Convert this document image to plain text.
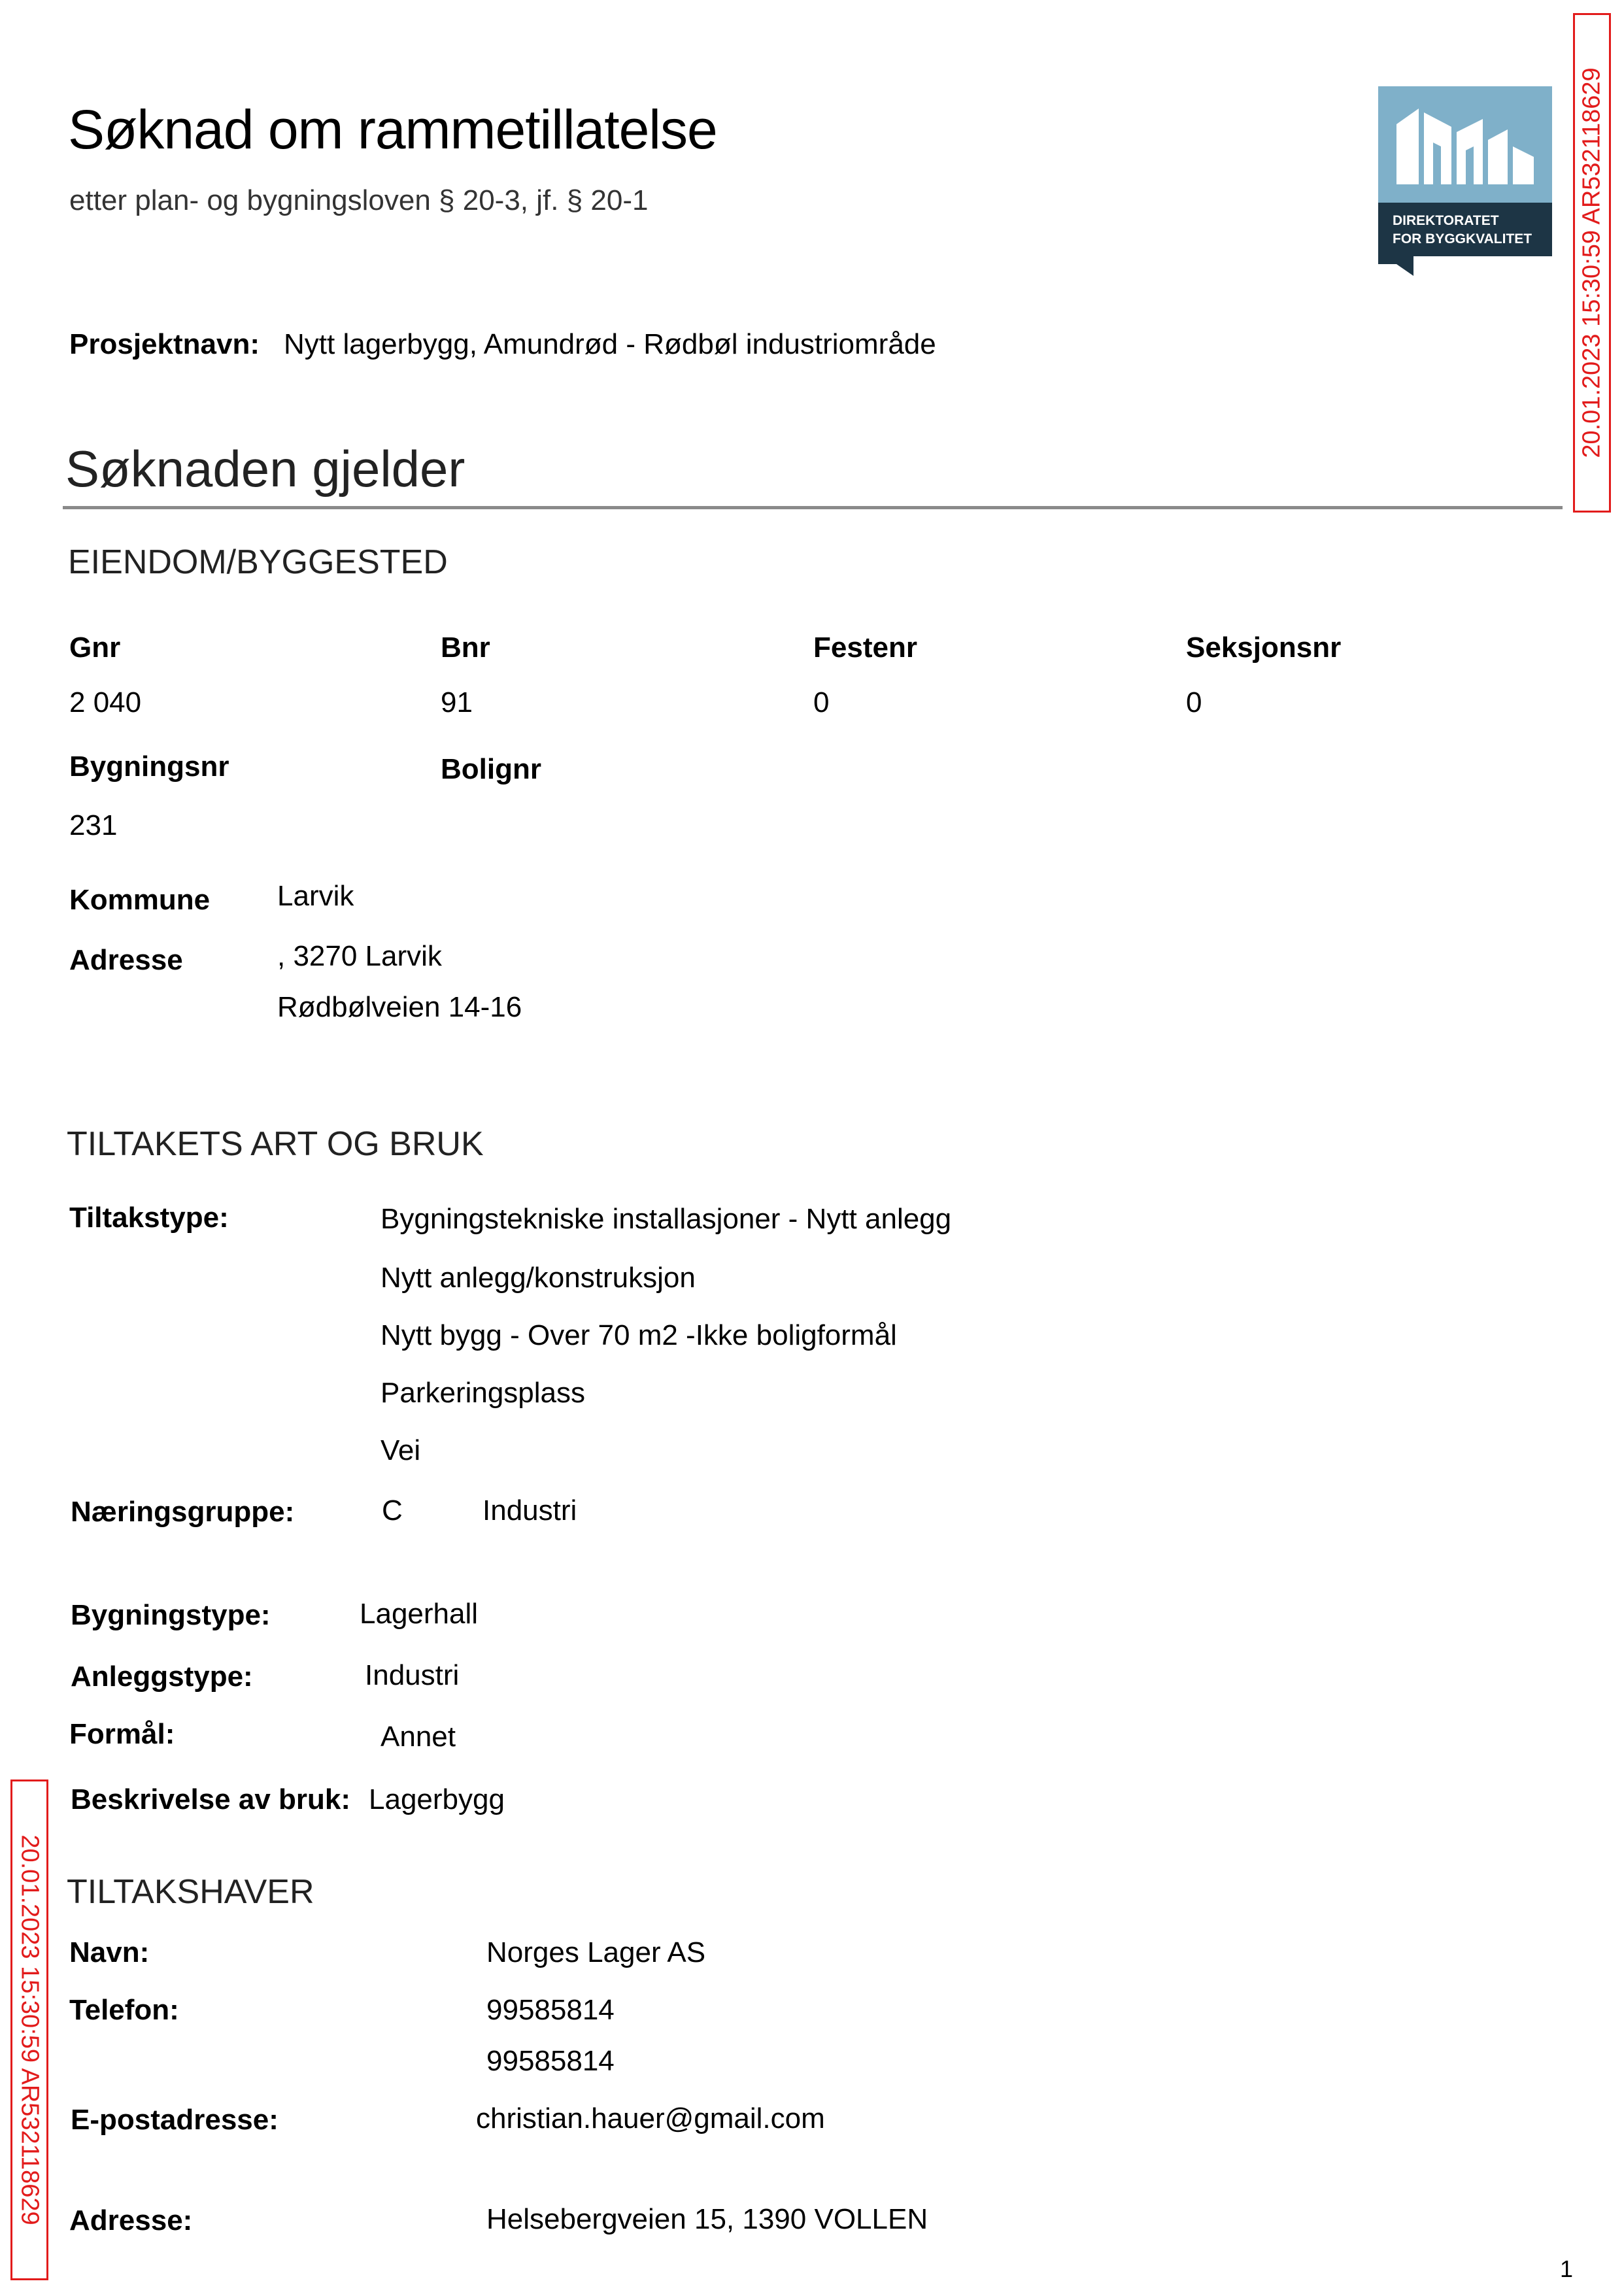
Søknad om rammetillatelse
etter plan- og bygningsloven § 20-3, jf. § 20-1
DIREKTORATET
FOR BYGGKVALITET 20.01.2023 15:30:59 AR532118629
Prosjektnavn: Nytt lagerbygg, Amundrød - Rødbøl industriområde
Søknaden gjelder
EIENDOM/BYGGESTED
Gnr	Bnr	Festenr	Seksjonsnr
2 040	91	0	0
Bygningsnr	Bolignr
231
Kommune Larvik
Adresse	, 3270 Larvik
Rødbølveien 14-16
TILTAKETS ART OG BRUK
Tiltakstype:	Bygningstekniske installasjoner - Nytt anlegg
Nytt anlegg/konstruksjon
Nytt bygg - Over 70 m2 -Ikke boligformål
Parkeringsplass
Vei
Næringsgruppe:	C	Industri
Bygningstype:	Lagerhall
Anleggstype:	Industri
Formål:	Annet
Beskrivelse av bruk: Lagerbygg
20.01.2023 15:30:59 AR532118629 TILTAKSHAVER
Navn:	Norges Lager AS
Telefon:	99585814
99585814
E-postadresse:	christian.hauer@gmail.com
Adresse:	Helsebergveien 15, 1390 VOLLEN
1
